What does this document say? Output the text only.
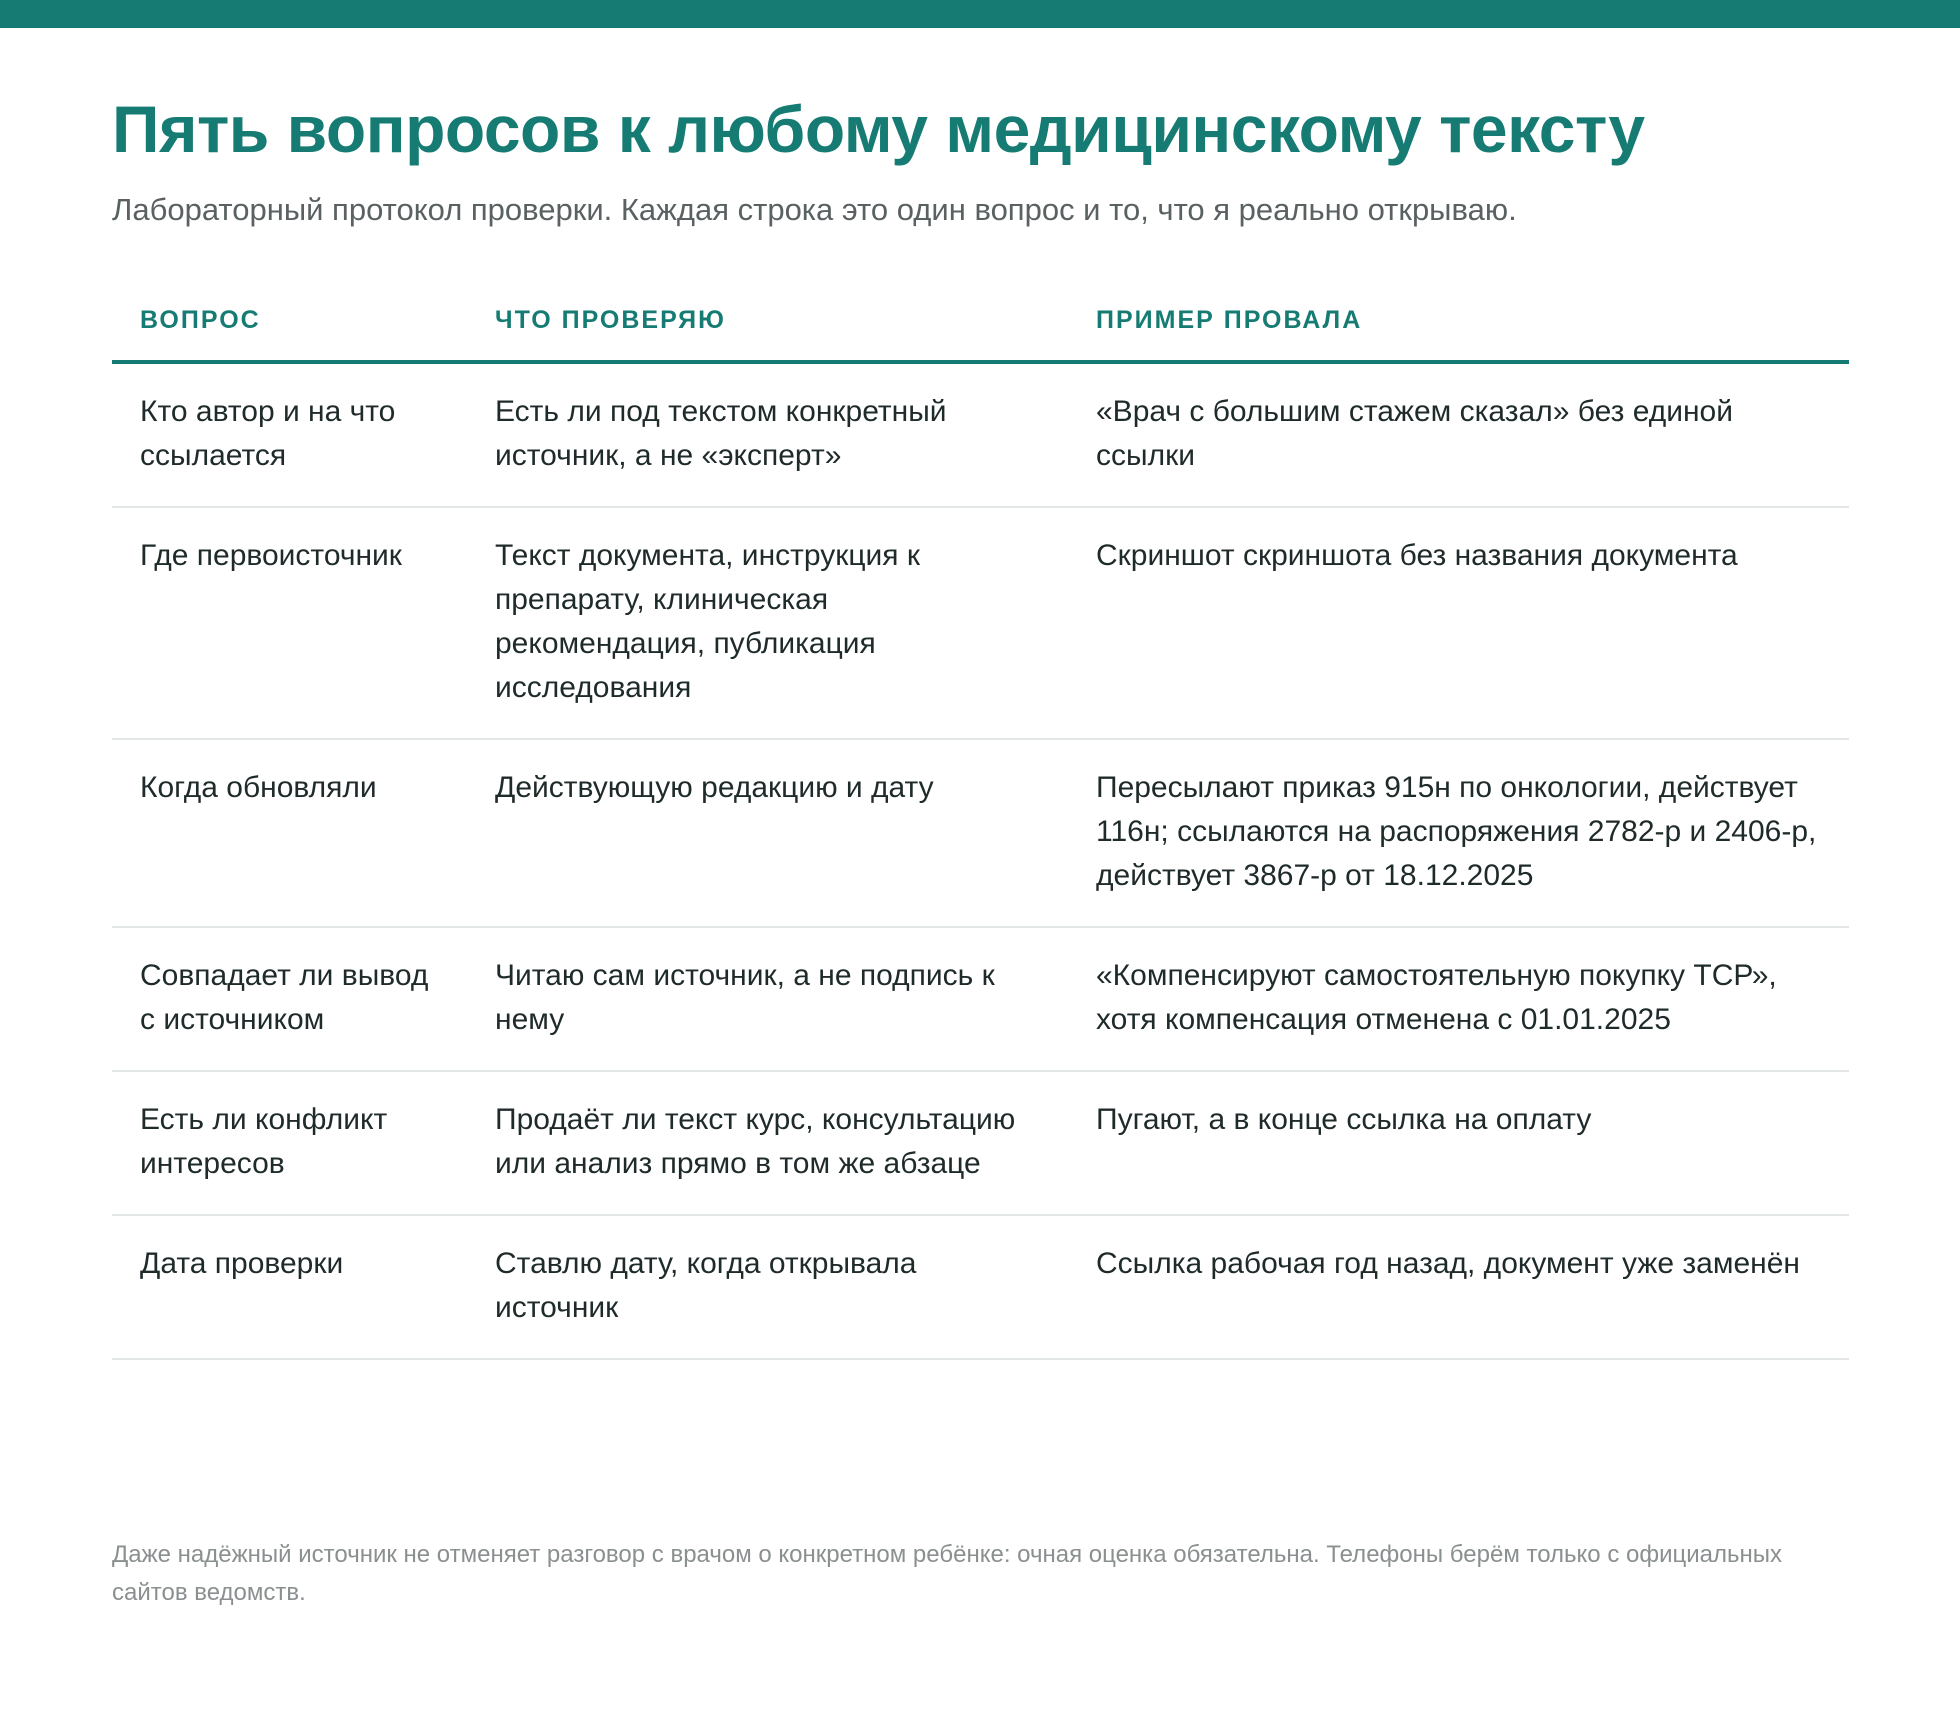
Пять вопросов к любому медицинскому тексту

Лабораторный протокол проверки. Каждая строка это один вопрос и то, что я реально открываю.

ВОПРОС	ЧТО ПРОВЕРЯЮ	ПРИМЕР ПРОВАЛА
Кто автор и на что ссылается	Есть ли под текстом конкретный источник, а не «эксперт»	«Врач с большим стажем сказал» без единой ссылки
Где первоисточник	Текст документа, инструкция к препарату, клиническая рекомендация, публикация исследования	Скриншот скриншота без названия документа
Когда обновляли	Действующую редакцию и дату	Пересылают приказ 915н по онкологии, действует 116н; ссылаются на распоряжения 2782-р и 2406-р, действует 3867-р от 18.12.2025
Совпадает ли вывод с источником	Читаю сам источник, а не подпись к нему	«Компенсируют самостоятельную покупку ТСР», хотя компенсация отменена с 01.01.2025
Есть ли конфликт интересов	Продаёт ли текст курс, консультацию или анализ прямо в том же абзаце	Пугают, а в конце ссылка на оплату
Дата проверки	Ставлю дату, когда открывала источник	Ссылка рабочая год назад, документ уже заменён

Даже надёжный источник не отменяет разговор с врачом о конкретном ребёнке: очная оценка обязательна. Телефоны берём только с официальных сайтов ведомств.
